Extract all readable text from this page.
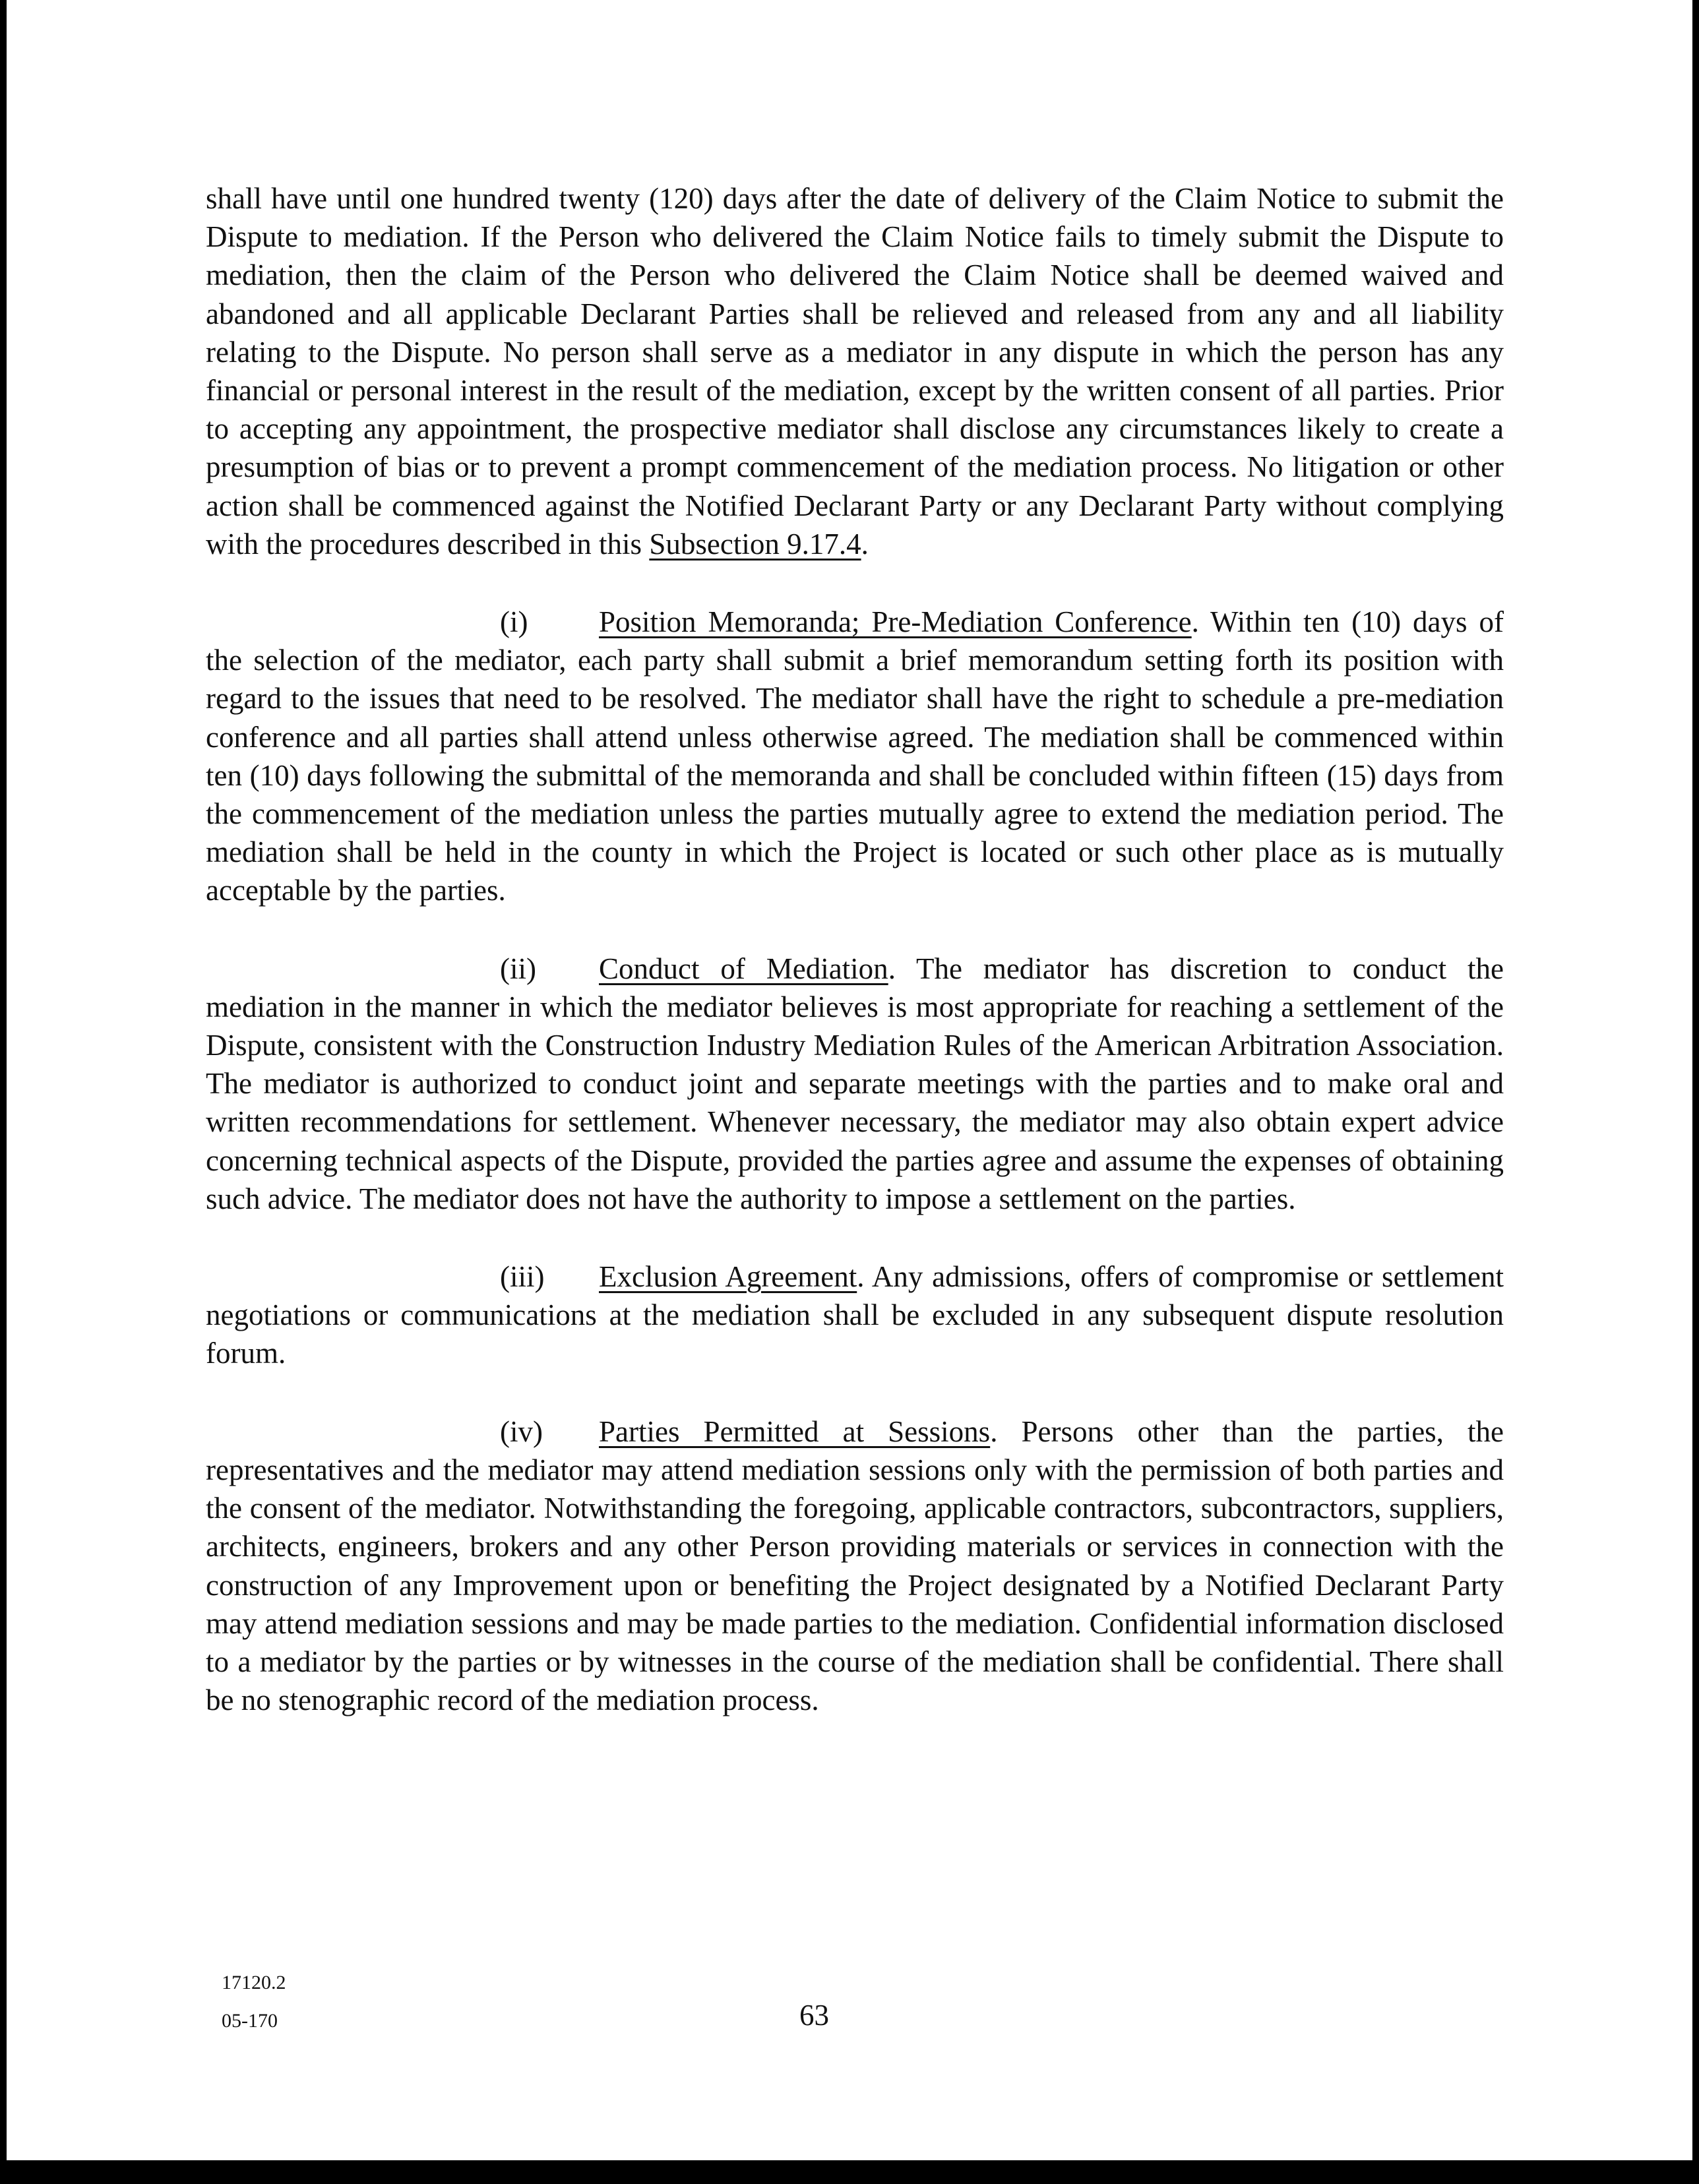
shall have until one hundred twenty (120) days after the date of delivery of the Claim Notice to submit the Dispute to mediation. If the Person who delivered the Claim Notice fails to timely submit the Dispute to mediation, then the claim of the Person who delivered the Claim Notice shall be deemed waived and abandoned and all applicable Declarant Parties shall be relieved and released from any and all liability relating to the Dispute. No person shall serve as a mediator in any dispute in which the person has any financial or personal interest in the result of the mediation, except by the written consent of all parties. Prior to accepting any appointment, the prospective mediator shall disclose any circumstances likely to create a presumption of bias or to prevent a prompt commencement of the mediation process. No litigation or other action shall be commenced against the Notified Declarant Party or any Declarant Party without complying with the procedures described in this Subsection 9.17.4.

(i) Position Memoranda; Pre-Mediation Conference. Within ten (10) days of the selection of the mediator, each party shall submit a brief memorandum setting forth its position with regard to the issues that need to be resolved. The mediator shall have the right to schedule a pre-mediation conference and all parties shall attend unless otherwise agreed. The mediation shall be commenced within ten (10) days following the submittal of the memoranda and shall be concluded within fifteen (15) days from the commencement of the mediation unless the parties mutually agree to extend the mediation period. The mediation shall be held in the county in which the Project is located or such other place as is mutually acceptable by the parties.

(ii) Conduct of Mediation. The mediator has discretion to conduct the mediation in the manner in which the mediator believes is most appropriate for reaching a settlement of the Dispute, consistent with the Construction Industry Mediation Rules of the American Arbitration Association. The mediator is authorized to conduct joint and separate meetings with the parties and to make oral and written recommendations for settlement. Whenever necessary, the mediator may also obtain expert advice concerning technical aspects of the Dispute, provided the parties agree and assume the expenses of obtaining such advice. The mediator does not have the authority to impose a settlement on the parties.

(iii) Exclusion Agreement. Any admissions, offers of compromise or settlement negotiations or communications at the mediation shall be excluded in any subsequent dispute resolution forum.

(iv) Parties Permitted at Sessions. Persons other than the parties, the representatives and the mediator may attend mediation sessions only with the permission of both parties and the consent of the mediator. Notwithstanding the foregoing, applicable contractors, subcontractors, suppliers, architects, engineers, brokers and any other Person providing materials or services in connection with the construction of any Improvement upon or benefiting the Project designated by a Notified Declarant Party may attend mediation sessions and may be made parties to the mediation. Confidential information disclosed to a mediator by the parties or by witnesses in the course of the mediation shall be confidential. There shall be no stenographic record of the mediation process.

17120.2
05-170	63
